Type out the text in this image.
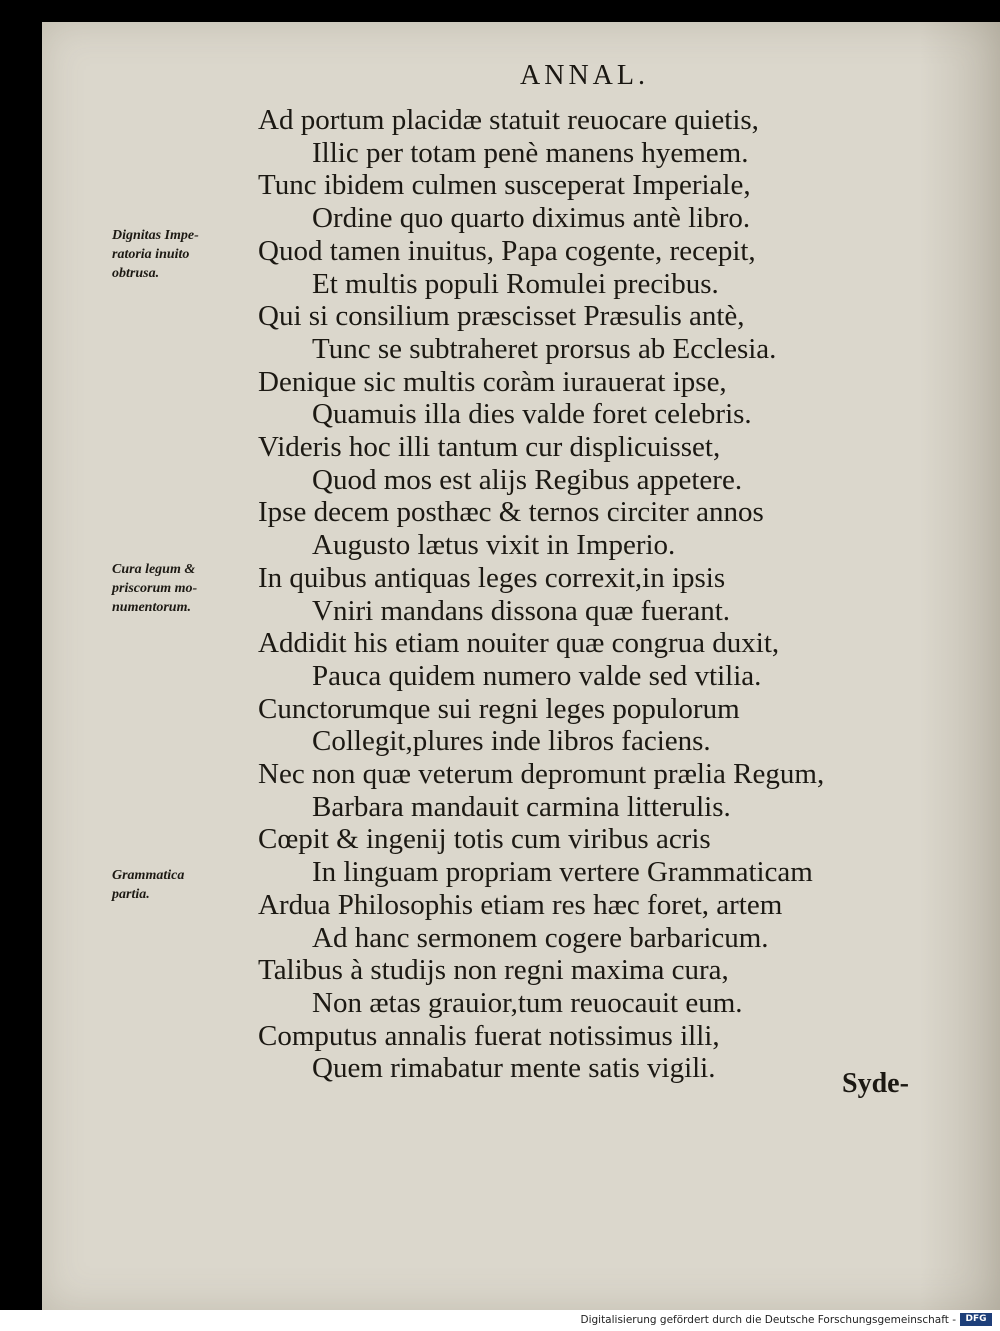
ANNAL.
Dignitas Impe-
ratoria inuito
obtrusa.
Cura legum &
priscorum mo-
numentorum.
Grammatica
partia.
Ad portum placidæ statuit reuocare quietis,
Illic per totam penè manens hyemem.
Tunc ibidem culmen susceperat Imperiale,
Ordine quo quarto diximus antè libro.
Quod tamen inuitus, Papa cogente, recepit,
Et multis populi Romulei precibus.
Qui si consilium præscisset Præsulis antè,
Tunc se subtraheret prorsus ab Ecclesia.
Denique sic multis coràm iurauerat ipse,
Quamuis illa dies valde foret celebris.
Videris hoc illi tantum cur displicuisset,
Quod mos est alijs Regibus appetere.
Ipse decem posthæc & ternos circiter annos
Augusto lætus vixit in Imperio.
In quibus antiquas leges correxit,in ipsis
Vniri mandans dissona quæ fuerant.
Addidit his etiam nouiter quæ congrua duxit,
Pauca quidem numero valde sed vtilia.
Cunctorumque sui regni leges populorum
Collegit,plures inde libros faciens.
Nec non quæ veterum depromunt prælia Regum,
Barbara mandauit carmina litterulis.
Cœpit & ingenij totis cum viribus acris
In linguam propriam vertere Grammaticam
Ardua Philosophis etiam res hæc foret, artem
Ad hanc sermonem cogere barbaricum.
Talibus à studijs non regni maxima cura,
Non ætas grauior,tum reuocauit eum.
Computus annalis fuerat notissimus illi,
Quem rimabatur mente satis vigili.	Syde-
Digitalisierung gefördert durch die Deutsche Forschungsgemeinschaft -	DFG
